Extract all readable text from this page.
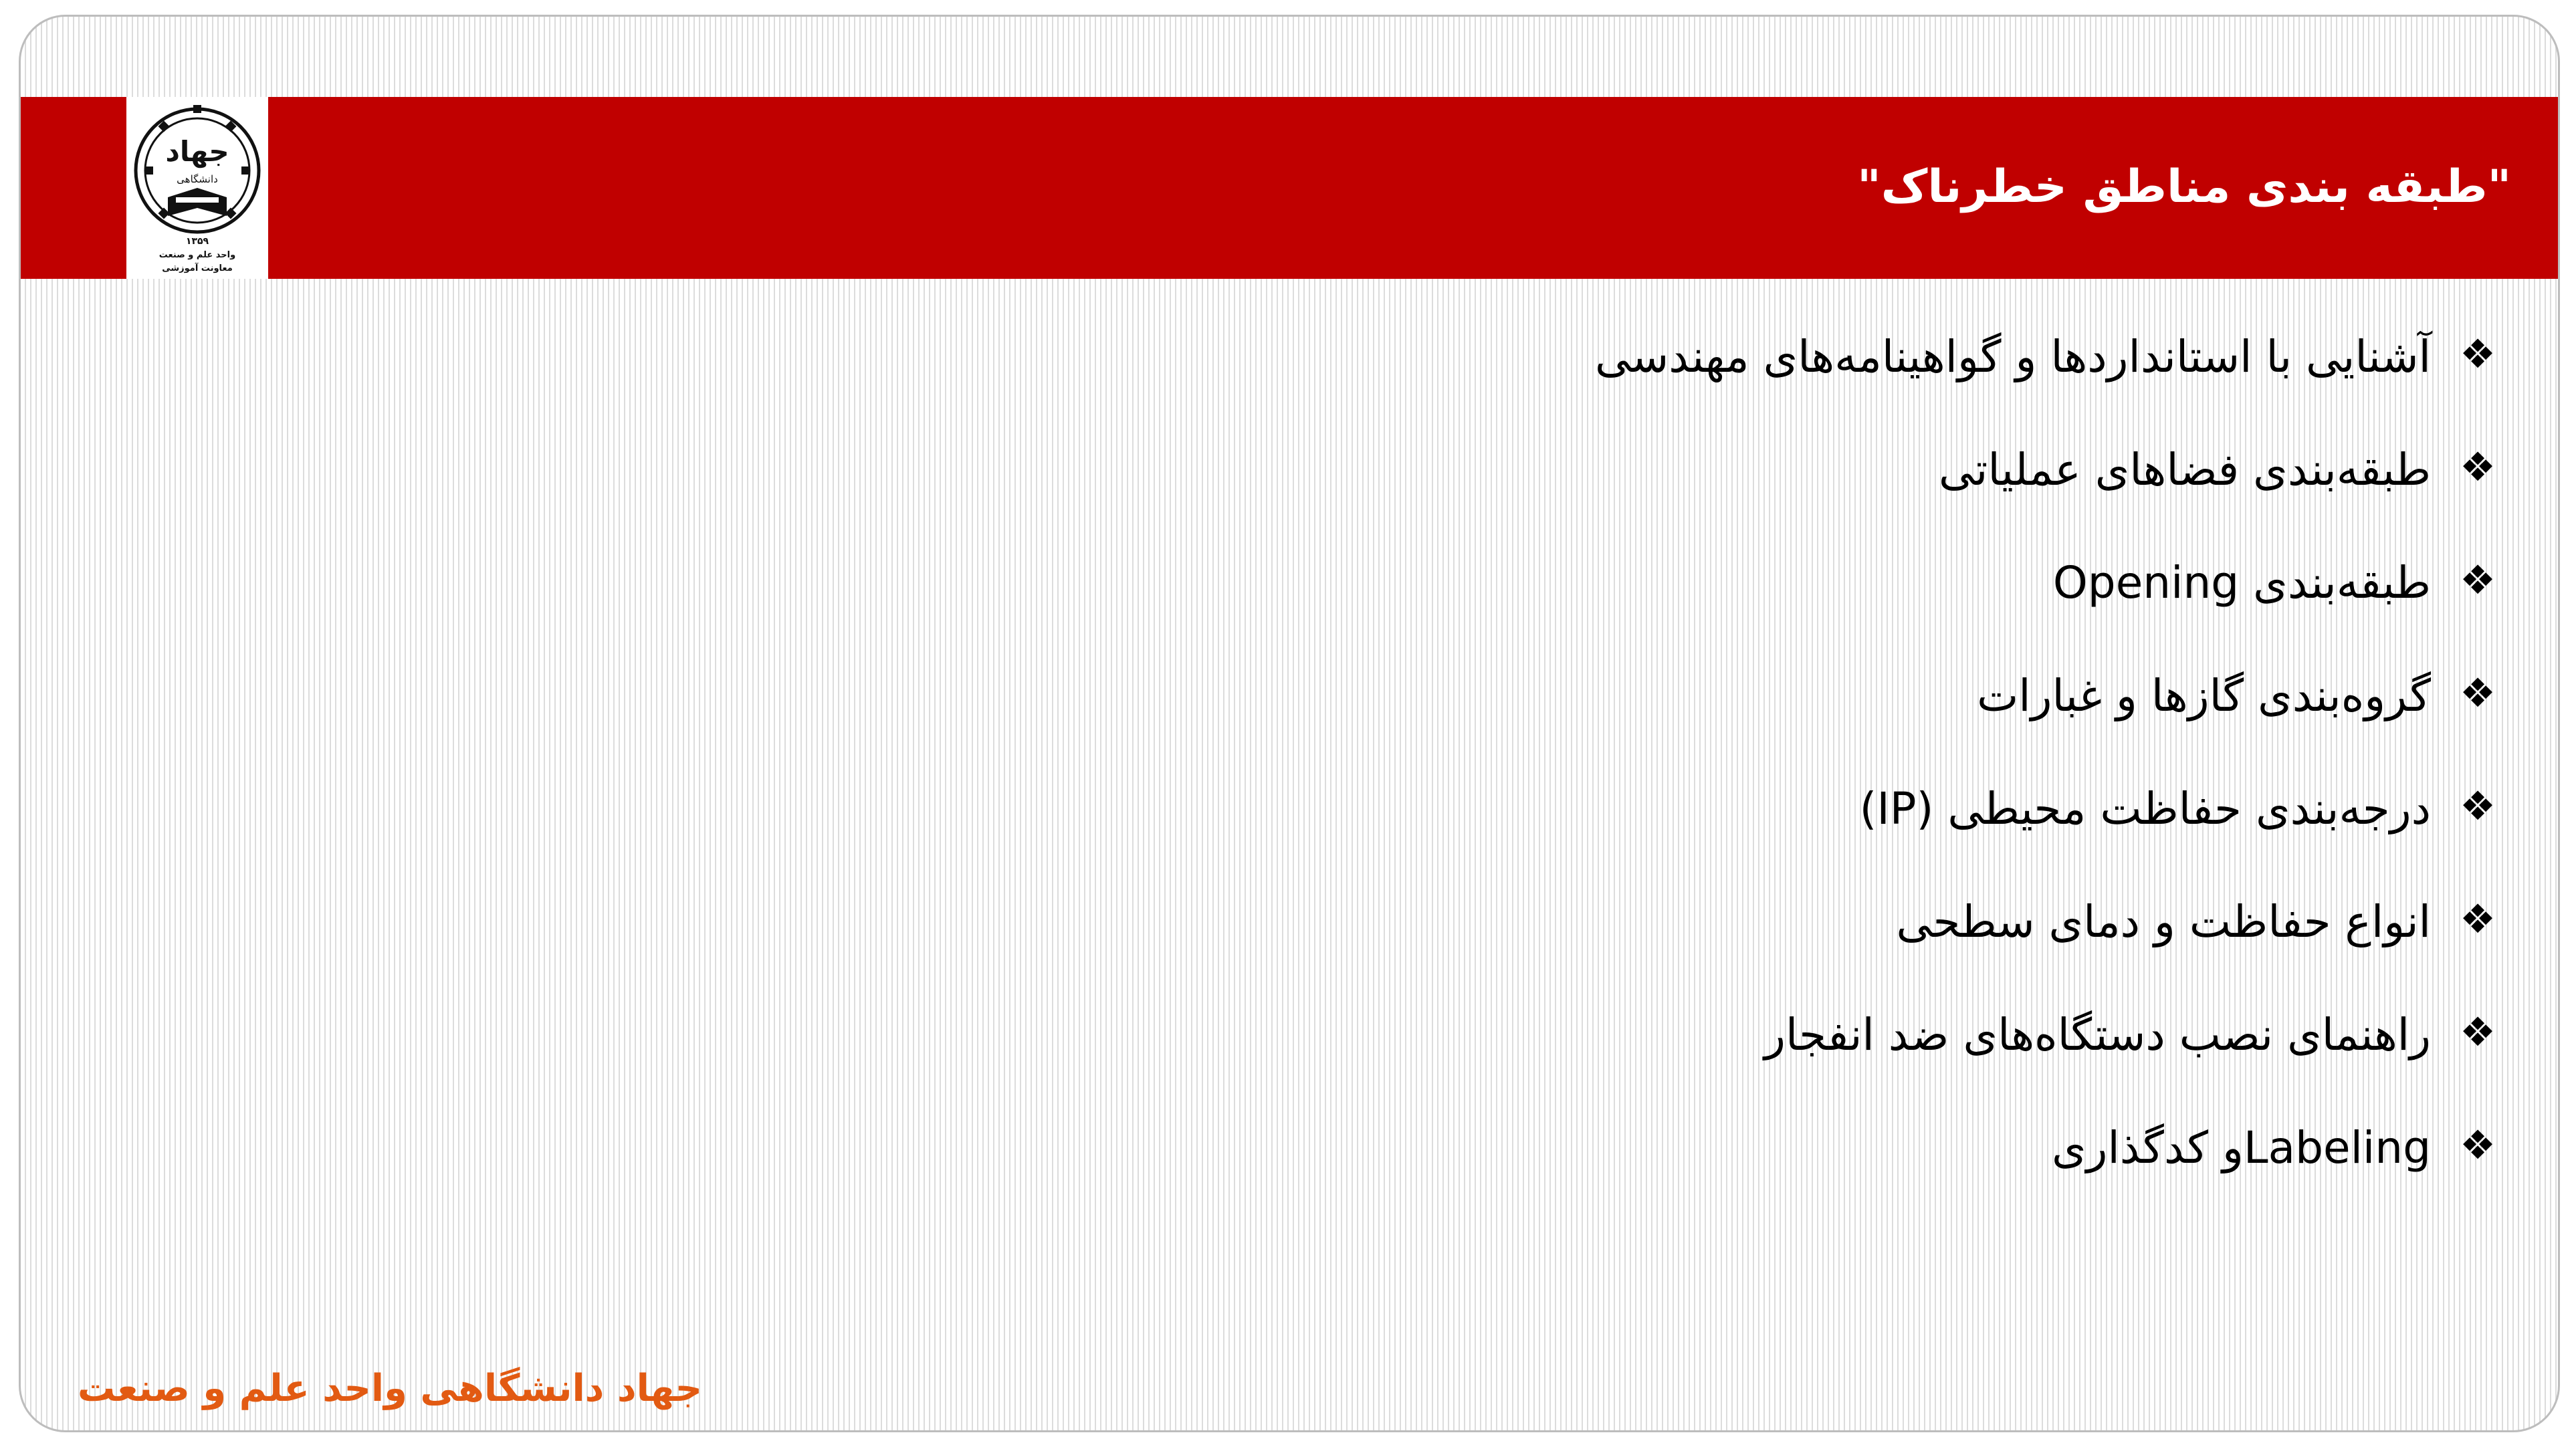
جهاد
دانشگاهی
۱۳۵۹
واحد علم و صنعت
معاونت آموزشی
"طبقه بندی مناطق خطرناک"
❖
آشنایی با استانداردها و گواهینامه‌های مهندسی
❖
طبقه‌بندی فضاهای عملیاتی
❖
طبقه‌بندی Opening
❖
گروه‌بندی گازها و غبارات
❖
درجه‌بندی حفاظت محیطی (IP)
❖
انواع حفاظت و دمای سطحی
❖
راهنمای نصب دستگاه‌های ضد انفجار
❖
Labelingو کدگذاری
جهاد دانشگاهی واحد علم و صنعت
